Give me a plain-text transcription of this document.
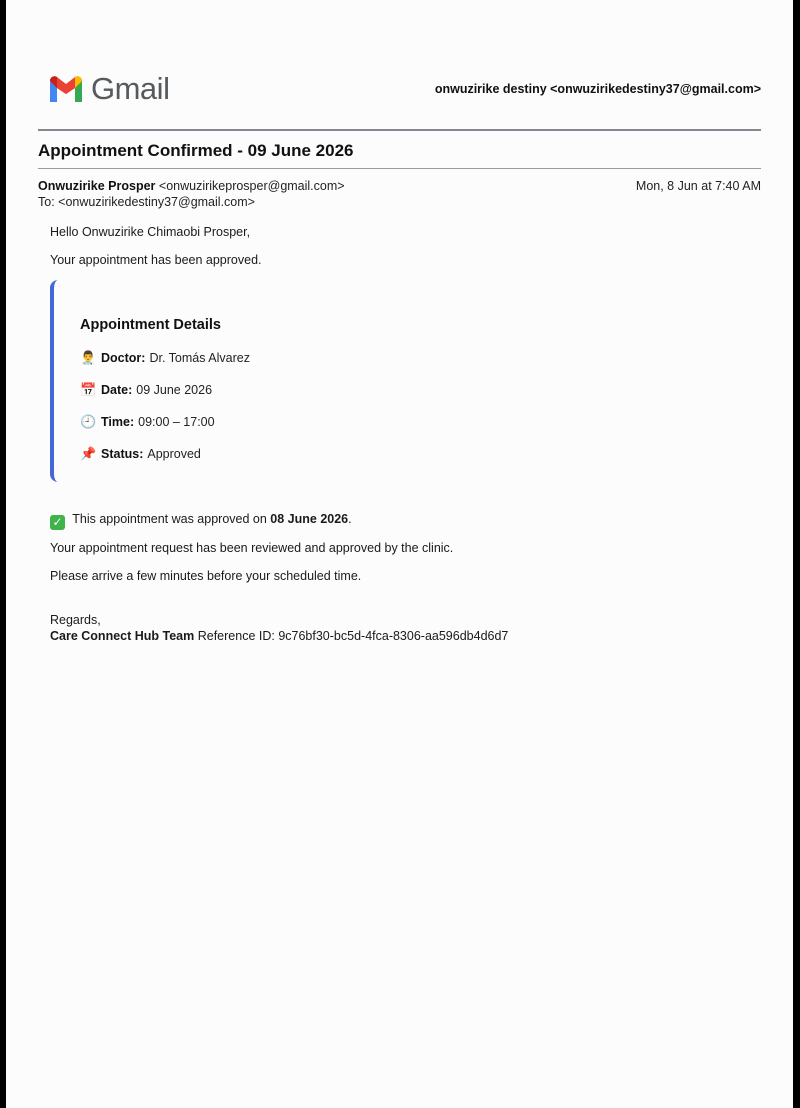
Gmail	onwuzirike destiny <onwuzirikedestiny37@gmail.com>
Appointment Confirmed - 09 June 2026
Onwuzirike Prosper <onwuzirikeprosper@gmail.com>
To: <onwuzirikedestiny37@gmail.com>
Mon, 8 Jun at 7:40 AM
Hello Onwuzirike Chimaobi Prosper,
Your appointment has been approved.
Appointment Details
👨‍⚕️ Doctor: Dr. Tomás Alvarez
📅 Date: 09 June 2026
🕘 Time: 09:00 – 17:00
📌 Status: Approved
✓ This appointment was approved on 08 June 2026.
Your appointment request has been reviewed and approved by the clinic.
Please arrive a few minutes before your scheduled time.
Regards,
Care Connect Hub Team Reference ID: 9c76bf30-bc5d-4fca-8306-aa596db4d6d7
